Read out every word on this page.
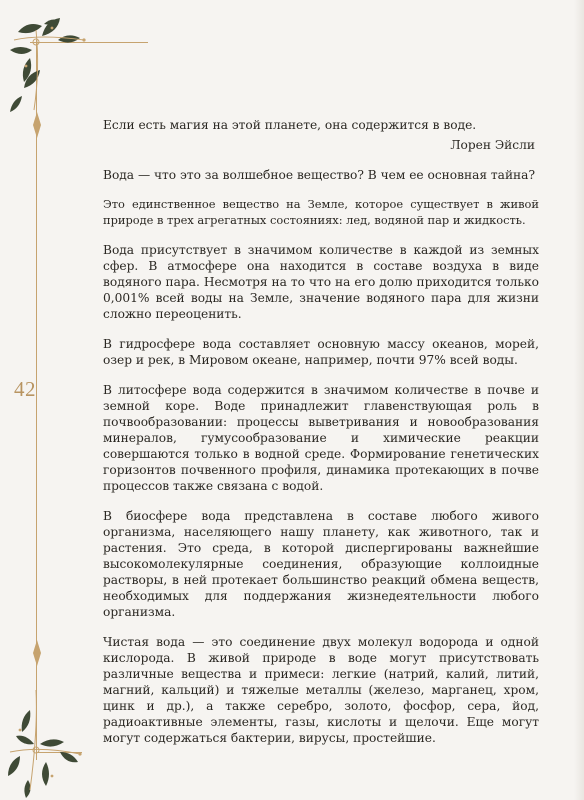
42

Если есть магия на этой планете, она содержится в воде.

Лорен Эйсли

Вода — что это за волшебное вещество? В чем ее основная тайна?

Это единственное вещество на Земле, которое существует в живой природе в трех агрегатных состояниях: лед, водяной пар и жидкость.

Вода присутствует в значимом количестве в каждой из земных сфер. В атмосфере она находится в составе воздуха в виде водяного пара. Несмотря на то что на его долю приходится только 0,001% всей воды на Земле, значение водяного пара для жизни сложно переоценить.

В гидросфере вода составляет основную массу океанов, морей, озер и рек, в Мировом океане, например, почти 97% всей воды.

В литосфере вода содержится в значимом количестве в почве и земной коре. Воде принадлежит главенствующая роль в почвообразовании: процессы выветривания и новообразования минералов, гумусообразование и химические реакции совершаются только в водной среде. Формирование генетических горизонтов почвенного профиля, динамика протекающих в почве процессов также связана с водой.

В биосфере вода представлена в составе любого живого организма, населяющего нашу планету, как животного, так и растения. Это среда, в которой диспергированы важнейшие высокомолекулярные соединения, образующие коллоидные растворы, в ней протекает большинство реакций обмена веществ, необходимых для поддержания жизнедеятельности любого организма.

Чистая вода — это соединение двух молекул водорода и одной кислорода. В живой природе в воде могут присутствовать различные вещества и примеси: легкие (натрий, калий, литий, магний, кальций) и тяжелые металлы (железо, марганец, хром, цинк и др.), а также серебро, золото, фосфор, сера, йод, радиоактивные элементы, газы, кислоты и щелочи. Еще могут могут содержаться бактерии, вирусы, простейшие.
